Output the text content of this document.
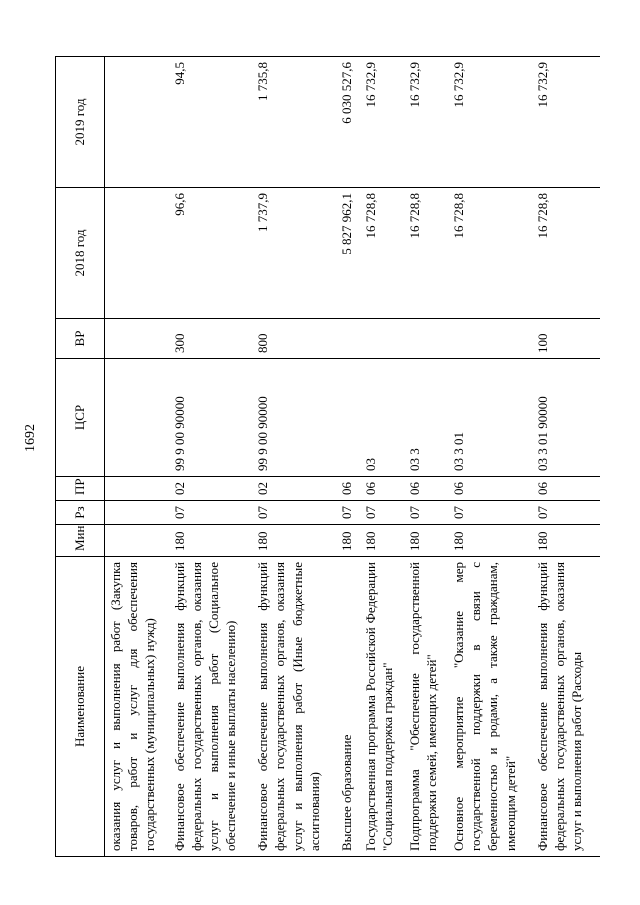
1692
Наименование	Мин	Рз	ПР	ЦСР	ВР	2018 год	2019 год
оказания услуг и выполнения работ (Закупка товаров, работ и услуг для обеспечения государственных (муниципальных) нужд)							
Финансовое обеспечение выполнения функций федеральных государственных органов, оказания услуг и выполнения работ (Социальное обеспечение и иные выплаты населению)	180	07	02	99 9 00 90000	300	96,6	94,5
Финансовое обеспечение выполнения функций федеральных государственных органов, оказания услуг и выполнения работ (Иные бюджетные ассигнования)	180	07	02	99 9 00 90000	800	1 737,9	1 735,8
Высшее образование	180	07	06			5 827 962,1	6 030 527,6
Государственная программа Российской Федерации "Социальная поддержка граждан"	180	07	06	03		16 728,8	16 732,9
Подпрограмма "Обеспечение государственной поддержки семей, имеющих детей"	180	07	06	03 3		16 728,8	16 732,9
Основное мероприятие "Оказание мер государственной поддержки в связи с беременностью и родами, а также гражданам, имеющим детей"	180	07	06	03 3 01		16 728,8	16 732,9
Финансовое обеспечение выполнения функций федеральных государственных органов, оказания услуг и выполнения работ (Расходы	180	07	06	03 3 01 90000	100	16 728,8	16 732,9
